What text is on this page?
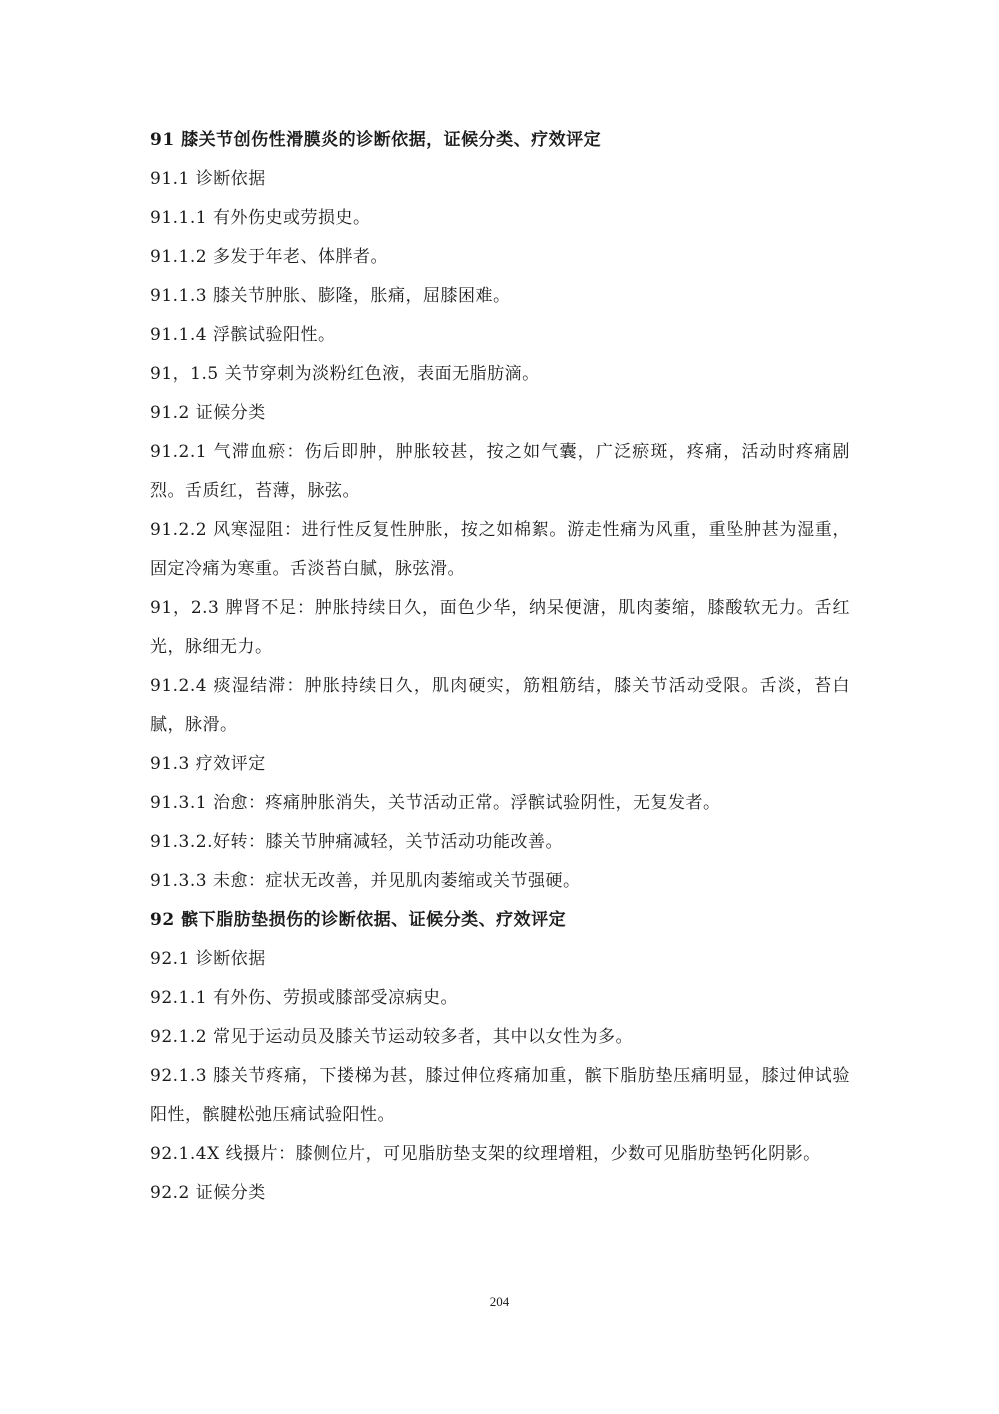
91 膝关节创伤性滑膜炎的诊断依据，证候分类、疗效评定
91.1 诊断依据
91.1.1 有外伤史或劳损史。
91.1.2 多发于年老、体胖者。
91.1.3 膝关节肿胀、膨隆，胀痛，屈膝困难。
91.1.4 浮髌试验阳性。
91，1.5 关节穿刺为淡粉红色液，表面无脂肪滴。
91.2 证候分类
91.2.1 气滞血瘀：伤后即肿，肿胀较甚，按之如气囊，广泛瘀斑，疼痛，活动时疼痛剧烈。舌质红，苔薄，脉弦。
91.2.2 风寒湿阻：进行性反复性肿胀，按之如棉絮。游走性痛为风重，重坠肿甚为湿重，固定冷痛为寒重。舌淡苔白腻，脉弦滑。
91，2.3 脾肾不足：肿胀持续日久，面色少华，纳呆便溏，肌肉萎缩，膝酸软无力。舌红光，脉细无力。
91.2.4 痰湿结滞：肿胀持续日久，肌肉硬实，筋粗筋结，膝关节活动受限。舌淡，苔白腻，脉滑。
91.3 疗效评定
91.3.1 治愈：疼痛肿胀消失，关节活动正常。浮髌试验阴性，无复发者。
91.3.2.好转：膝关节肿痛减轻，关节活动功能改善。
91.3.3 未愈：症状无改善，并见肌肉萎缩或关节强硬。
92 髌下脂肪垫损伤的诊断依据、证候分类、疗效评定
92.1 诊断依据
92.1.1 有外伤、劳损或膝部受凉病史。
92.1.2 常见于运动员及膝关节运动较多者，其中以女性为多。
92.1.3 膝关节疼痛，下搂梯为甚，膝过伸位疼痛加重，髌下脂肪垫压痛明显，膝过伸试验阳性，髌腱松弛压痛试验阳性。
92.1.4X 线摄片：膝侧位片，可见脂肪垫支架的纹理增粗，少数可见脂肪垫钙化阴影。
92.2 证候分类
204
